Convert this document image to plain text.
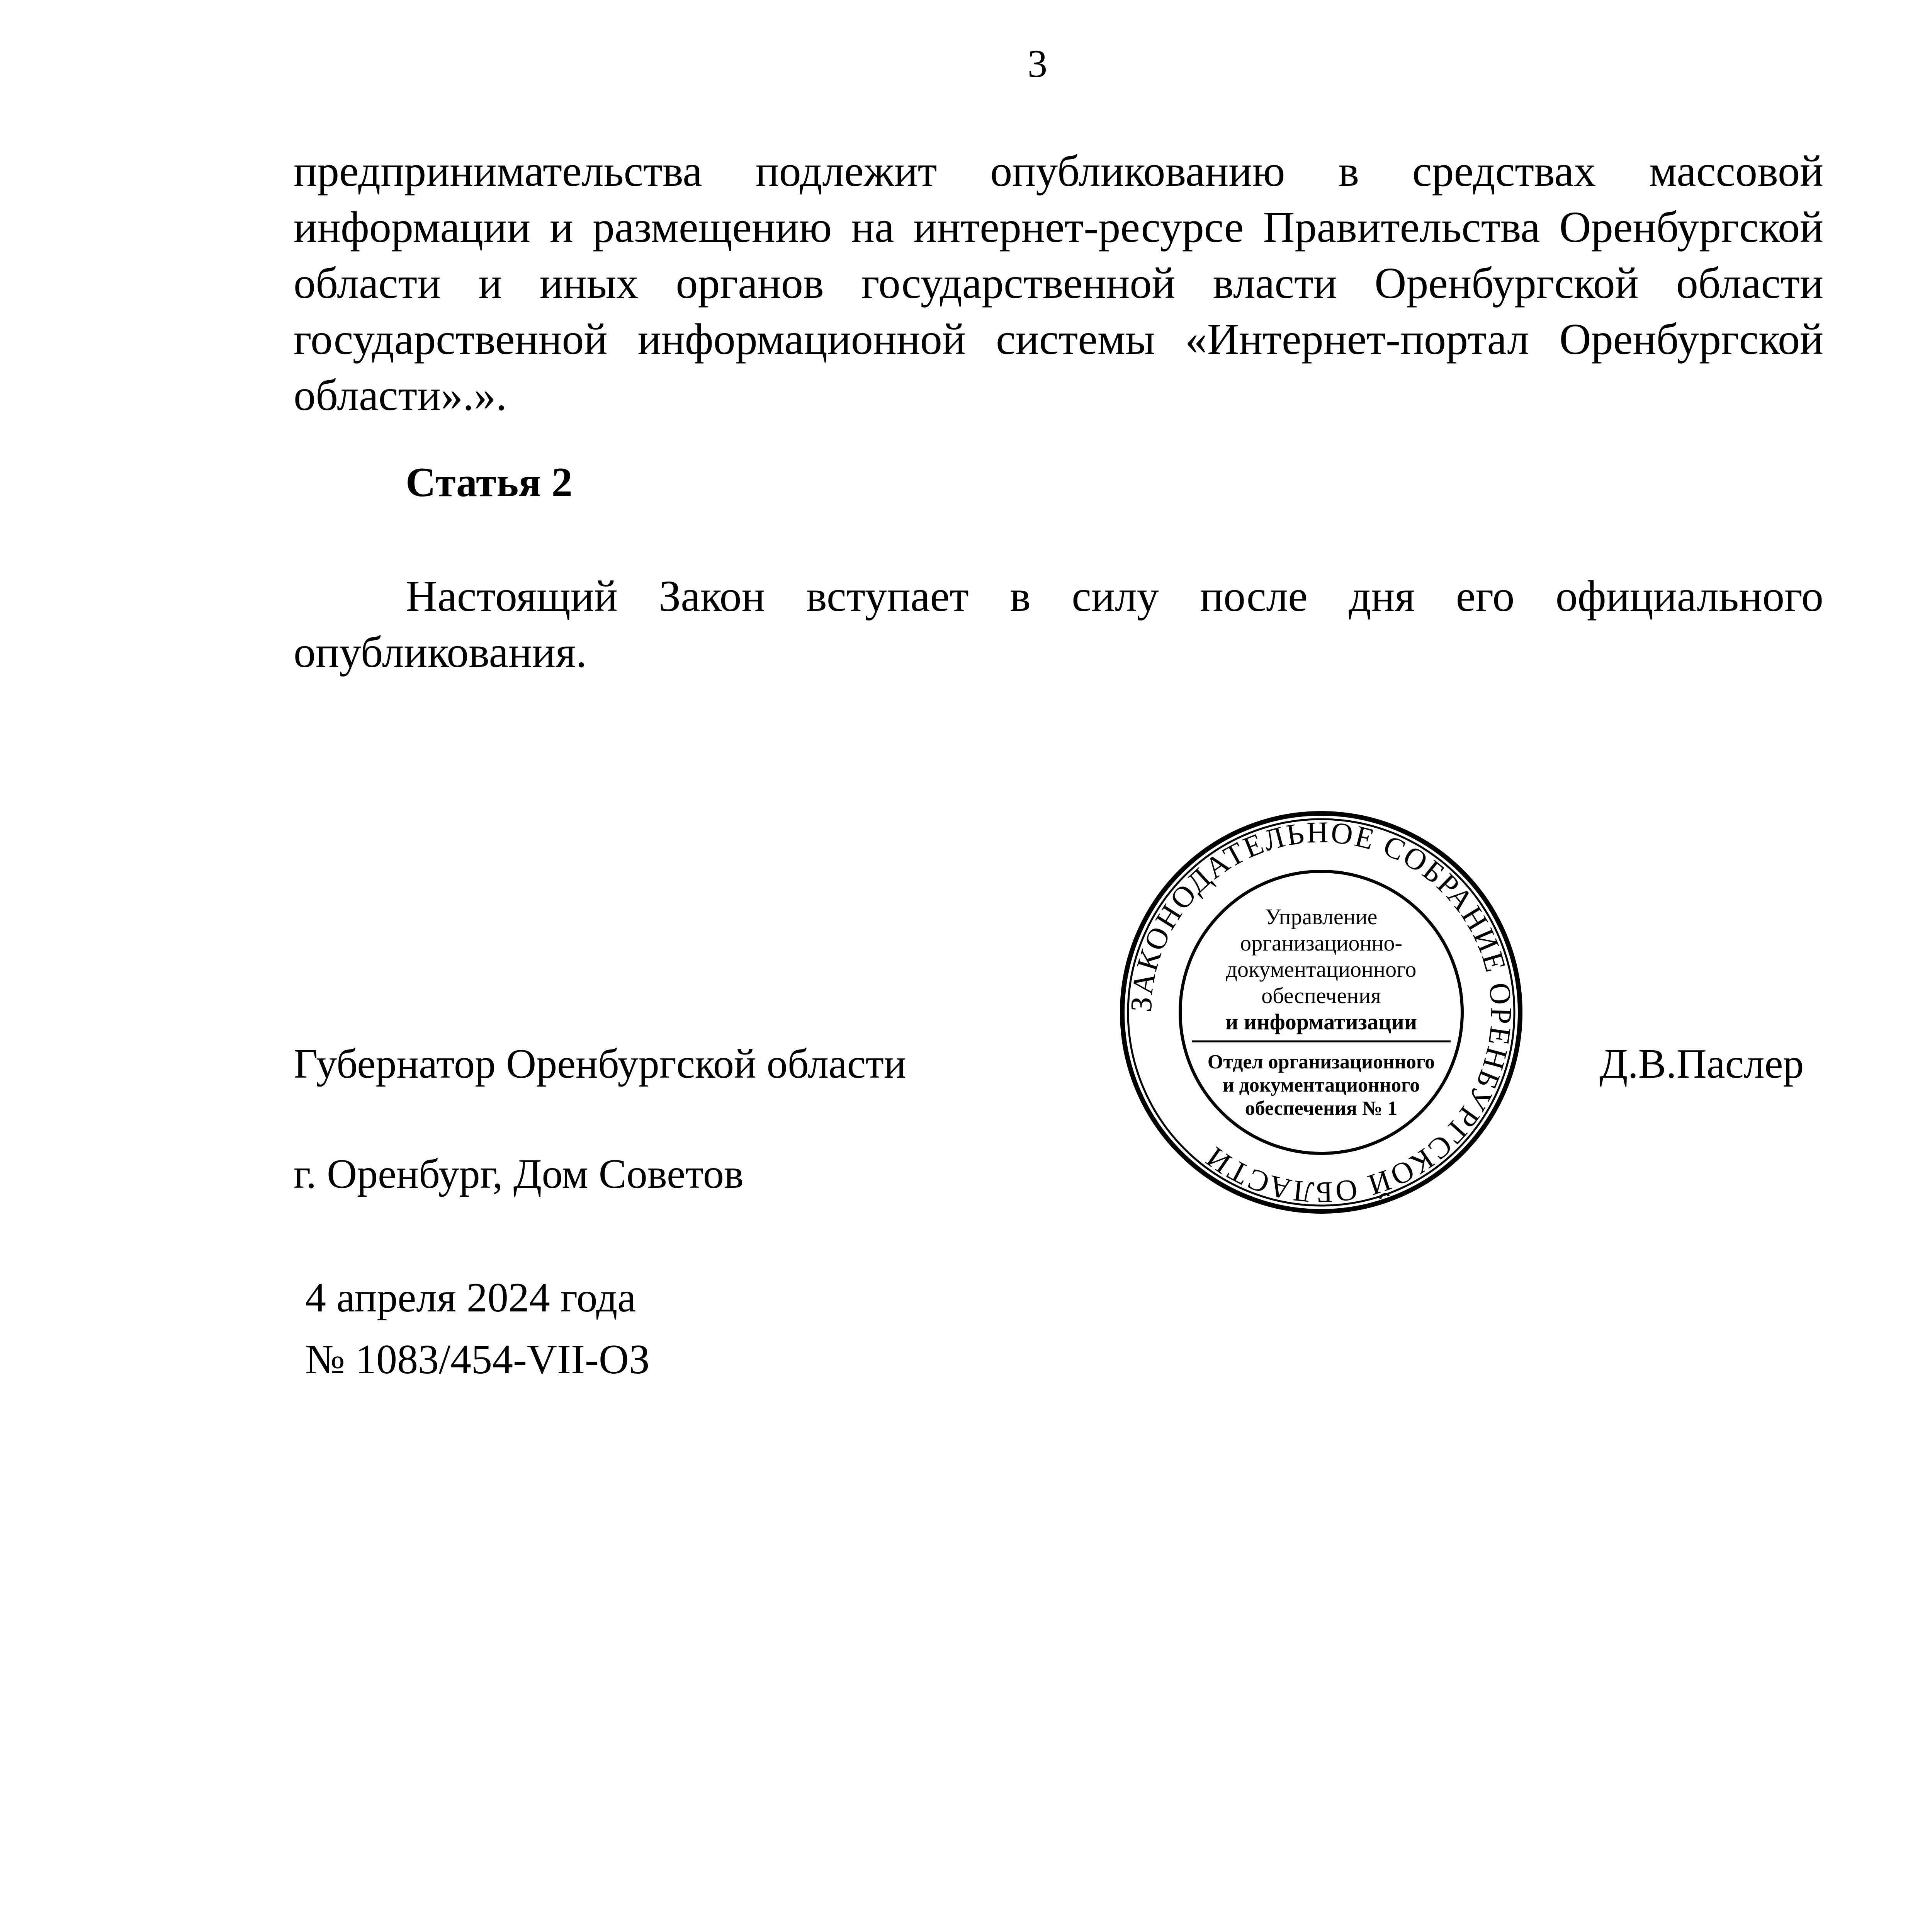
3
предпринимательства подлежит опубликованию в средствах массовой информации и размещению на интернет-ресурсе Правительства Оренбургской области и иных органов государственной власти Оренбургской области государственной информационной системы «Интернет-портал Оренбургской области».».
Статья 2
Настоящий Закон вступает в силу после дня его официального опубликования.
Губернатор Оренбургской области
ЗАКОНОДАТЕЛЬНОЕ СОБРАНИЕ ОРЕНБУРГСКОЙ ОБЛАСТИ
Управление
организационно-
документационного
обеспечения
и информатизации
Отдел организационного
и документационного
обеспечения № 1
Д.В.Паслер
г. Оренбург, Дом Советов
4 апреля 2024 года
№ 1083/454-VII-ОЗ
